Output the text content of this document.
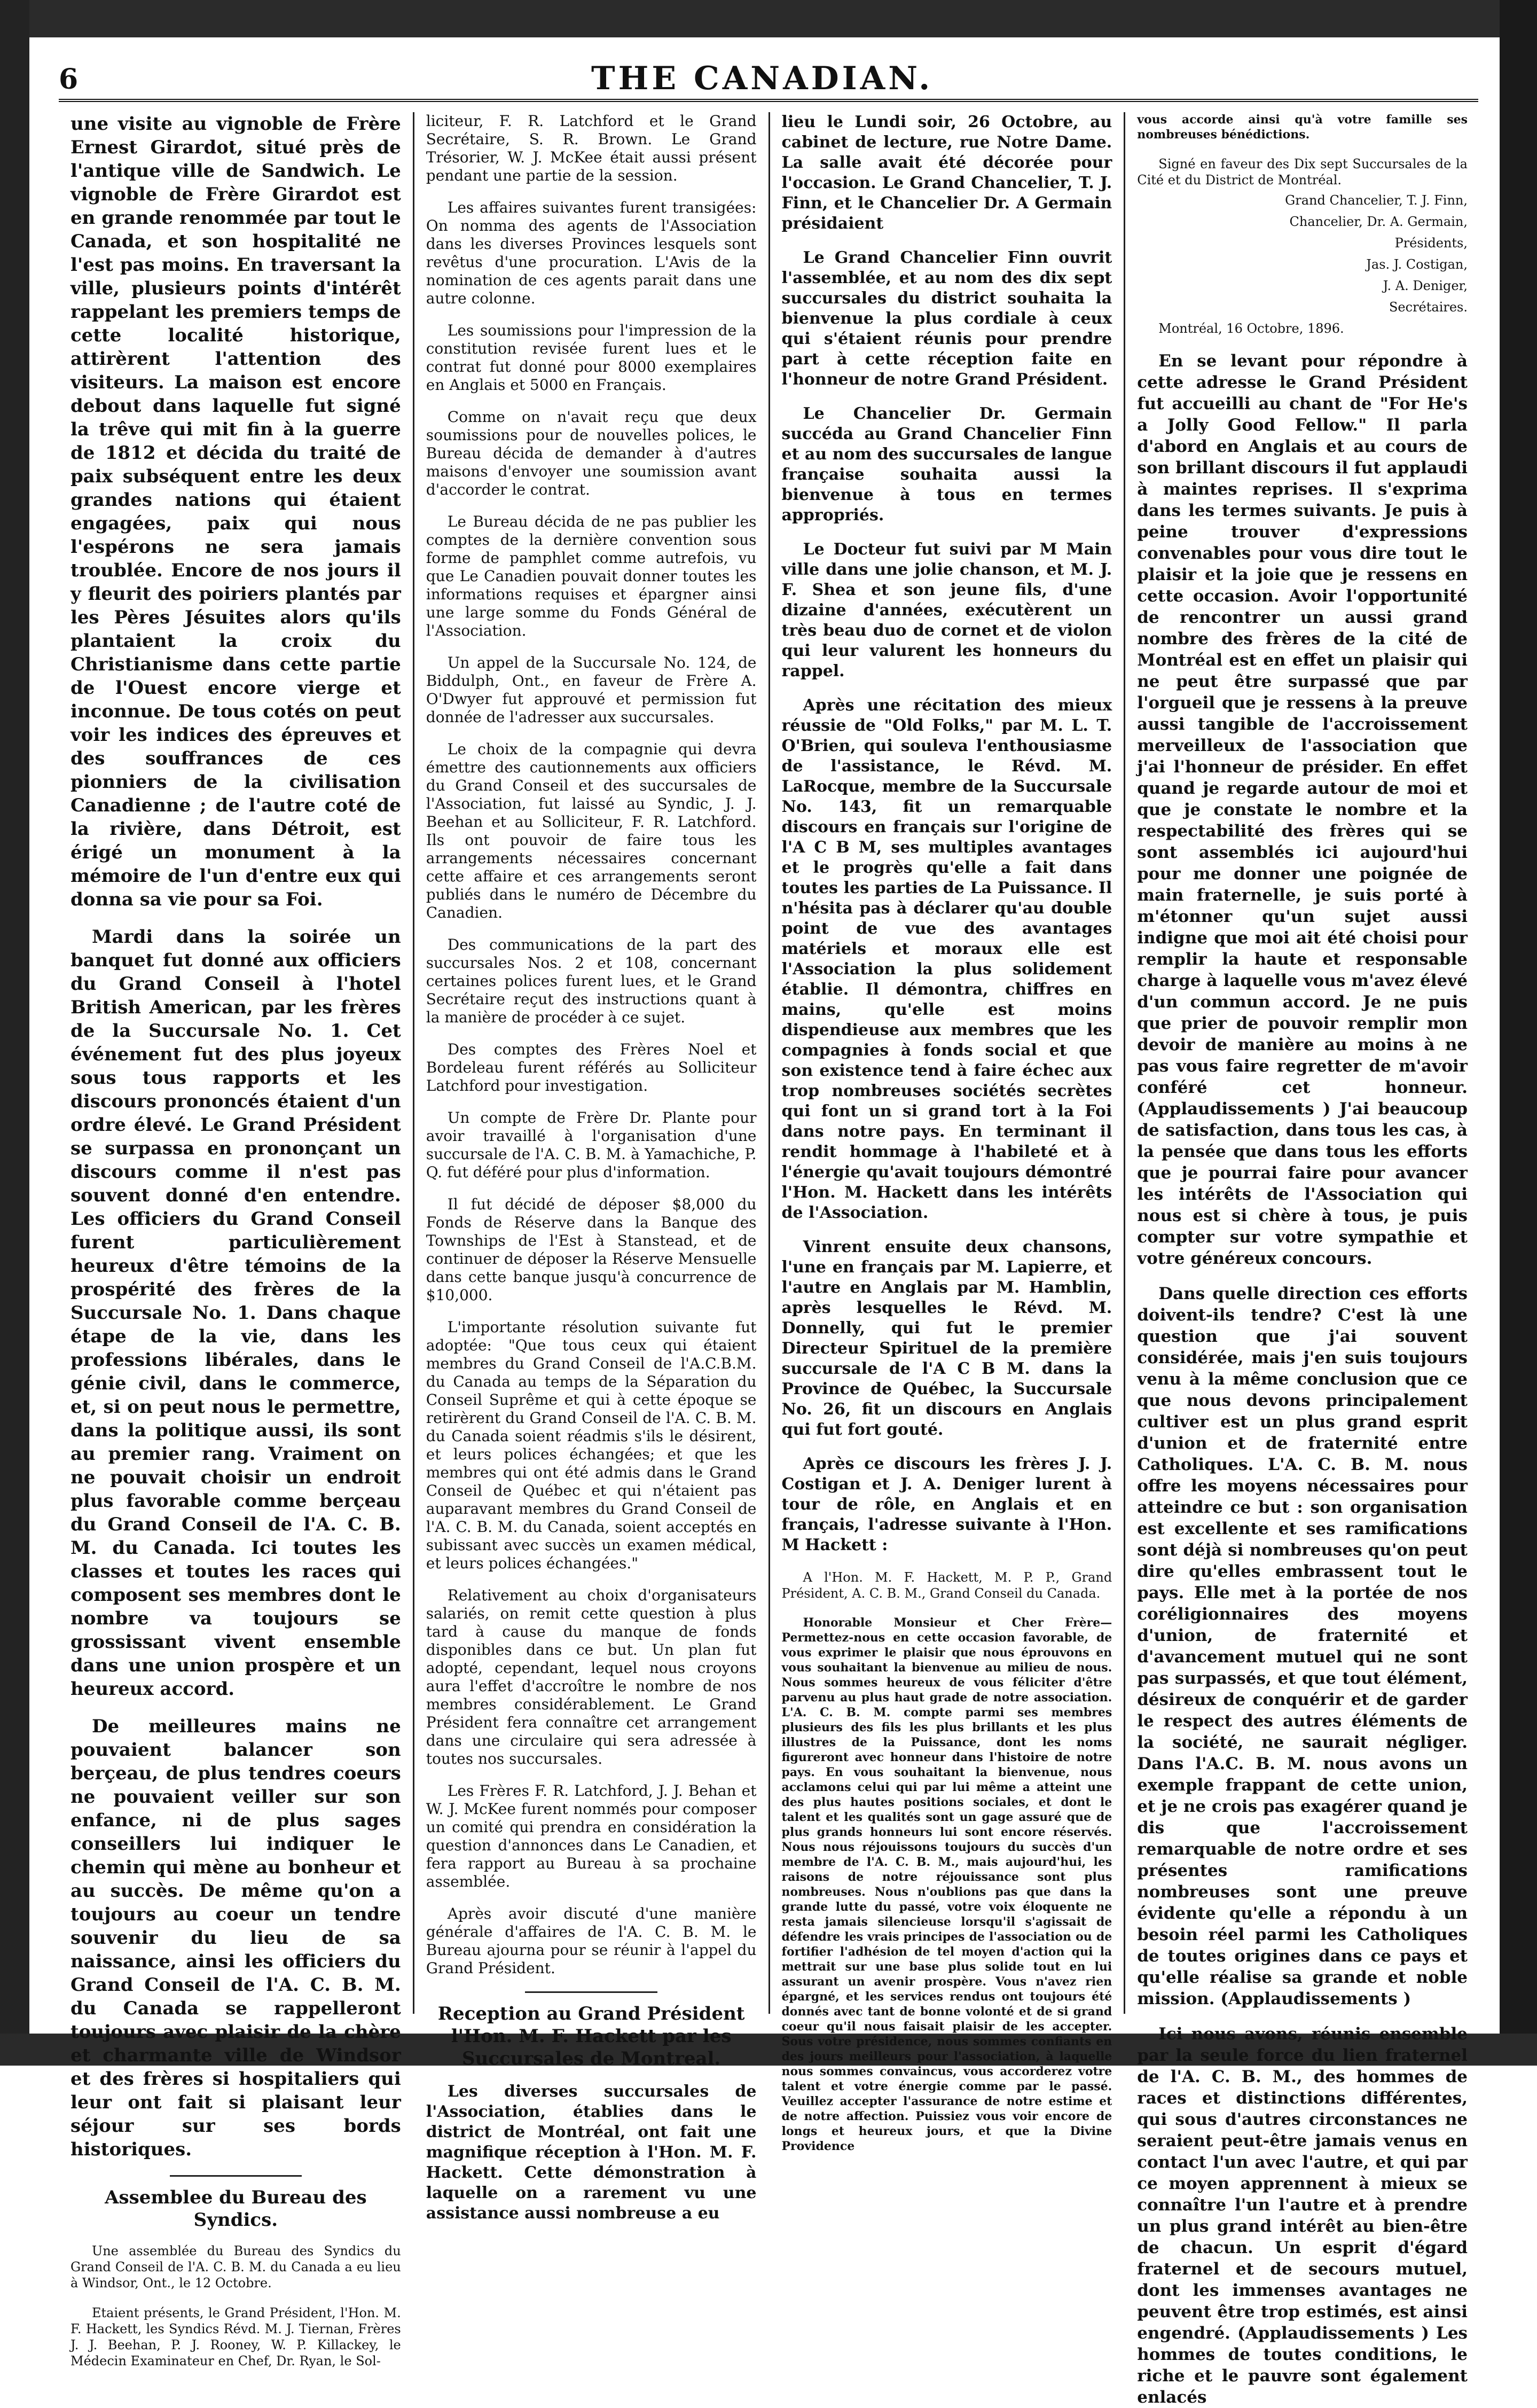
6	THE CANADIAN.

une visite au vignoble de Frère Ernest Girardot, situé près de l'antique ville de Sandwich. Le vignoble de Frère Girardot est en grande renommée par tout le Canada, et son hospitalité ne l'est pas moins. En traversant la ville, plusieurs points d'intérêt rappelant les premiers temps de cette localité historique, attirèrent l'attention des visiteurs. La maison est encore debout dans laquelle fut signé la trêve qui mit fin à la guerre de 1812 et décida du traité de paix subséquent entre les deux grandes nations qui étaient engagées, paix qui nous l'espérons ne sera jamais troublée. Encore de nos jours il y fleurit des poiriers plantés par les Pères Jésuites alors qu'ils plantaient la croix du Christianisme dans cette partie de l'Ouest encore vierge et inconnue. De tous cotés on peut voir les indices des épreuves et des souffrances de ces pionniers de la civilisation Canadienne ; de l'autre coté de la rivière, dans Détroit, est érigé un monument à la mémoire de l'un d'entre eux qui donna sa vie pour sa Foi.

Mardi dans la soirée un banquet fut donné aux officiers du Grand Conseil à l'hotel British American, par les frères de la Succursale No. 1. Cet événement fut des plus joyeux sous tous rapports et les discours prononcés étaient d'un ordre élevé. Le Grand Président se surpassa en prononçant un discours comme il n'est pas souvent donné d'en entendre. Les officiers du Grand Conseil furent particulièrement heureux d'être témoins de la prospérité des frères de la Succursale No. 1. Dans chaque étape de la vie, dans les professions libérales, dans le génie civil, dans le commerce, et, si on peut nous le permettre, dans la politique aussi, ils sont au premier rang. Vraiment on ne pouvait choisir un endroit plus favorable comme berçeau du Grand Conseil de l'A. C. B. M. du Canada. Ici toutes les classes et toutes les races qui composent ses membres dont le nombre va toujours se grossissant vivent ensemble dans une union prospère et un heureux accord.

De meilleures mains ne pouvaient balancer son berçeau, de plus tendres coeurs ne pouvaient veiller sur son enfance, ni de plus sages conseillers lui indiquer le chemin qui mène au bonheur et au succès. De même qu'on a toujours au coeur un tendre souvenir du lieu de sa naissance, ainsi les officiers du Grand Conseil de l'A. C. B. M. du Canada se rappelleront toujours avec plaisir de la chère et charmante ville de Windsor et des frères si hospitaliers qui leur ont fait si plaisant leur séjour sur ses bords historiques.

Assemblee du Bureau des Syndics.

Une assemblée du Bureau des Syndics du Grand Conseil de l'A. C. B. M. du Canada a eu lieu à Windsor, Ont., le 12 Octobre.

Etaient présents, le Grand Président, l'Hon. M. F. Hackett, les Syndics Révd. M. J. Tiernan, Frères J. J. Beehan, P. J. Rooney, W. P. Killackey, le Médecin Examinateur en Chef, Dr. Ryan, le Sol-

liciteur, F. R. Latchford et le Grand Secrétaire, S. R. Brown. Le Grand Trésorier, W. J. McKee était aussi présent pendant une partie de la session.

Les affaires suivantes furent transigées: On nomma des agents de l'Association dans les diverses Provinces lesquels sont revêtus d'une procuration. L'Avis de la nomination de ces agents parait dans une autre colonne.

Les soumissions pour l'impression de la constitution revisée furent lues et le contrat fut donné pour 8000 exemplaires en Anglais et 5000 en Français.

Comme on n'avait reçu que deux soumissions pour de nouvelles polices, le Bureau décida de demander à d'autres maisons d'envoyer une soumission avant d'accorder le contrat.

Le Bureau décida de ne pas publier les comptes de la dernière convention sous forme de pamphlet comme autrefois, vu que Le Canadien pouvait donner toutes les informations requises et épargner ainsi une large somme du Fonds Général de l'Association.

Un appel de la Succursale No. 124, de Biddulph, Ont., en faveur de Frère A. O'Dwyer fut approuvé et permission fut donnée de l'adresser aux succursales.

Le choix de la compagnie qui devra émettre des cautionnements aux officiers du Grand Conseil et des succursales de l'Association, fut laissé au Syndic, J. J. Beehan et au Solliciteur, F. R. Latchford. Ils ont pouvoir de faire tous les arrangements nécessaires concernant cette affaire et ces arrangements seront publiés dans le numéro de Décembre du Canadien.

Des communications de la part des succursales Nos. 2 et 108, concernant certaines polices furent lues, et le Grand Secrétaire reçut des instructions quant à la manière de procéder à ce sujet.

Des comptes des Frères Noel et Bordeleau furent référés au Solliciteur Latchford pour investigation.

Un compte de Frère Dr. Plante pour avoir travaillé à l'organisation d'une succursale de l'A. C. B. M. à Yamachiche, P. Q. fut déféré pour plus d'information.

Il fut décidé de déposer $8,000 du Fonds de Réserve dans la Banque des Townships de l'Est à Stanstead, et de continuer de déposer la Réserve Mensuelle dans cette banque jusqu'à concurrence de $10,000.

L'importante résolution suivante fut adoptée: "Que tous ceux qui étaient membres du Grand Conseil de l'A.C.B.M. du Canada au temps de la Séparation du Conseil Suprême et qui à cette époque se retirèrent du Grand Conseil de l'A. C. B. M. du Canada soient réadmis s'ils le désirent, et leurs polices échangées; et que les membres qui ont été admis dans le Grand Conseil de Québec et qui n'étaient pas auparavant membres du Grand Conseil de l'A. C. B. M. du Canada, soient acceptés en subissant avec succès un examen médical, et leurs polices échangées."

Relativement au choix d'organisateurs salariés, on remit cette question à plus tard à cause du manque de fonds disponibles dans ce but. Un plan fut adopté, cependant, lequel nous croyons aura l'effet d'accroître le nombre de nos membres considérablement. Le Grand Président fera connaître cet arrangement dans une circulaire qui sera adressée à toutes nos succursales.

Les Frères F. R. Latchford, J. J. Behan et W. J. McKee furent nommés pour composer un comité qui prendra en considération la question d'annonces dans Le Canadien, et fera rapport au Bureau à sa prochaine assemblée.

Après avoir discuté d'une manière générale d'affaires de l'A. C. B. M. le Bureau ajourna pour se réunir à l'appel du Grand Président.

Reception au Grand Président l'Hon. M. F. Hackett par les Succursales de Montreal.

Les diverses succursales de l'Association, établies dans le district de Montréal, ont fait une magnifique réception à l'Hon. M. F. Hackett. Cette démonstration à laquelle on a rarement vu une assistance aussi nombreuse a eu

lieu le Lundi soir, 26 Octobre, au cabinet de lecture, rue Notre Dame. La salle avait été décorée pour l'occasion. Le Grand Chancelier, T. J. Finn, et le Chancelier Dr. A Germain présidaient

Le Grand Chancelier Finn ouvrit l'assemblée, et au nom des dix sept succursales du district souhaita la bienvenue la plus cordiale à ceux qui s'étaient réunis pour prendre part à cette réception faite en l'honneur de notre Grand Président.

Le Chancelier Dr. Germain succéda au Grand Chancelier Finn et au nom des succursales de langue française souhaita aussi la bienvenue à tous en termes appropriés.

Le Docteur fut suivi par M Main ville dans une jolie chanson, et M. J. F. Shea et son jeune fils, d'une dizaine d'années, exécutèrent un très beau duo de cornet et de violon qui leur valurent les honneurs du rappel.

Après une récitation des mieux réussie de "Old Folks," par M. L. T. O'Brien, qui souleva l'enthousiasme de l'assistance, le Révd. M. LaRocque, membre de la Succursale No. 143, fit un remarquable discours en français sur l'origine de l'A C B M, ses multiples avantages et le progrès qu'elle a fait dans toutes les parties de La Puissance. Il n'hésita pas à déclarer qu'au double point de vue des avantages matériels et moraux elle est l'Association la plus solidement établie. Il démontra, chiffres en mains, qu'elle est moins dispendieuse aux membres que les compagnies à fonds social et que son existence tend à faire échec aux trop nombreuses sociétés secrètes qui font un si grand tort à la Foi dans notre pays. En terminant il rendit hommage à l'habileté et à l'énergie qu'avait toujours démontré l'Hon. M. Hackett dans les intérêts de l'Association.

Vinrent ensuite deux chansons, l'une en français par M. Lapierre, et l'autre en Anglais par M. Hamblin, après lesquelles le Révd. M. Donnelly, qui fut le premier Directeur Spirituel de la première succursale de l'A C B M. dans la Province de Québec, la Succursale No. 26, fit un discours en Anglais qui fut fort gouté.

Après ce discours les frères J. J. Costigan et J. A. Deniger lurent à tour de rôle, en Anglais et en français, l'adresse suivante à l'Hon. M Hackett :

A l'Hon. M. F. Hackett, M. P. P., Grand Président, A. C. B. M., Grand Conseil du Canada.

Honorable Monsieur et Cher Frère—Permettez-nous en cette occasion favorable, de vous exprimer le plaisir que nous éprouvons en vous souhaitant la bienvenue au milieu de nous. Nous sommes heureux de vous féliciter d'être parvenu au plus haut grade de notre association. L'A. C. B. M. compte parmi ses membres plusieurs des fils les plus brillants et les plus illustres de la Puissance, dont les noms figureront avec honneur dans l'histoire de notre pays. En vous souhaitant la bienvenue, nous acclamons celui qui par lui même a atteint une des plus hautes positions sociales, et dont le talent et les qualités sont un gage assuré que de plus grands honneurs lui sont encore réservés. Nous nous réjouissons toujours du succès d'un membre de l'A. C. B. M., mais aujourd'hui, les raisons de notre réjouissance sont plus nombreuses. Nous n'oublions pas que dans la grande lutte du passé, votre voix éloquente ne resta jamais silencieuse lorsqu'il s'agissait de défendre les vrais principes de l'association ou de fortifier l'adhésion de tel moyen d'action qui la mettrait sur une base plus solide tout en lui assurant un avenir prospère. Vous n'avez rien épargné, et les services rendus ont toujours été donnés avec tant de bonne volonté et de si grand coeur qu'il nous faisait plaisir de les accepter. Sous votre présidence, nous sommes confiants en des jours meilleurs pour l'association, à laquelle nous sommes convaincus, vous accorderez votre talent et votre énergie comme par le passé. Veuillez accepter l'assurance de notre estime et de notre affection. Puissiez vous voir encore de longs et heureux jours, et que la Divine Providence

vous accorde ainsi qu'à votre famille ses nombreuses bénédictions.

Signé en faveur des Dix sept Succursales de la Cité et du District de Montréal.

Grand Chancelier, T. J. Finn,
Chancelier, Dr. A. Germain,
Présidents,
Jas. J. Costigan,
J. A. Deniger,
Secrétaires.

Montréal, 16 Octobre, 1896.

En se levant pour répondre à cette adresse le Grand Président fut accueilli au chant de "For He's a Jolly Good Fellow." Il parla d'abord en Anglais et au cours de son brillant discours il fut applaudi à maintes reprises. Il s'exprima dans les termes suivants. Je puis à peine trouver d'expressions convenables pour vous dire tout le plaisir et la joie que je ressens en cette occasion. Avoir l'opportunité de rencontrer un aussi grand nombre des frères de la cité de Montréal est en effet un plaisir qui ne peut être surpassé que par l'orgueil que je ressens à la preuve aussi tangible de l'accroissement merveilleux de l'association que j'ai l'honneur de présider. En effet quand je regarde autour de moi et que je constate le nombre et la respectabilité des frères qui se sont assemblés ici aujourd'hui pour me donner une poignée de main fraternelle, je suis porté à m'étonner qu'un sujet aussi indigne que moi ait été choisi pour remplir la haute et responsable charge à laquelle vous m'avez élevé d'un commun accord. Je ne puis que prier de pouvoir remplir mon devoir de manière au moins à ne pas vous faire regretter de m'avoir conféré cet honneur. (Applaudissements ) J'ai beaucoup de satisfaction, dans tous les cas, à la pensée que dans tous les efforts que je pourrai faire pour avancer les intérêts de l'Association qui nous est si chère à tous, je puis compter sur votre sympathie et votre généreux concours.

Dans quelle direction ces efforts doivent-ils tendre? C'est là une question que j'ai souvent considérée, mais j'en suis toujours venu à la même conclusion que ce que nous devons principalement cultiver est un plus grand esprit d'union et de fraternité entre Catholiques. L'A. C. B. M. nous offre les moyens nécessaires pour atteindre ce but : son organisation est excellente et ses ramifications sont déjà si nombreuses qu'on peut dire qu'elles embrassent tout le pays. Elle met à la portée de nos coréligionnaires des moyens d'union, de fraternité et d'avancement mutuel qui ne sont pas surpassés, et que tout élément, désireux de conquérir et de garder le respect des autres éléments de la société, ne saurait négliger. Dans l'A.C. B. M. nous avons un exemple frappant de cette union, et je ne crois pas exagérer quand je dis que l'accroissement remarquable de notre ordre et ses présentes ramifications nombreuses sont une preuve évidente qu'elle a répondu à un besoin réel parmi les Catholiques de toutes origines dans ce pays et qu'elle réalise sa grande et noble mission. (Applaudissements )

Ici nous avons, réunis ensemble par la seule force du lien fraternel de l'A. C. B. M., des hommes de races et distinctions différentes, qui sous d'autres circonstances ne seraient peut-être jamais venus en contact l'un avec l'autre, et qui par ce moyen apprennent à mieux se connaître l'un l'autre et à prendre un plus grand intérêt au bien-être de chacun. Un esprit d'égard fraternel et de secours mutuel, dont les immenses avantages ne peuvent être trop estimés, est ainsi engendré. (Applaudissements ) Les hommes de toutes conditions, le riche et le pauvre sont également enlacés
